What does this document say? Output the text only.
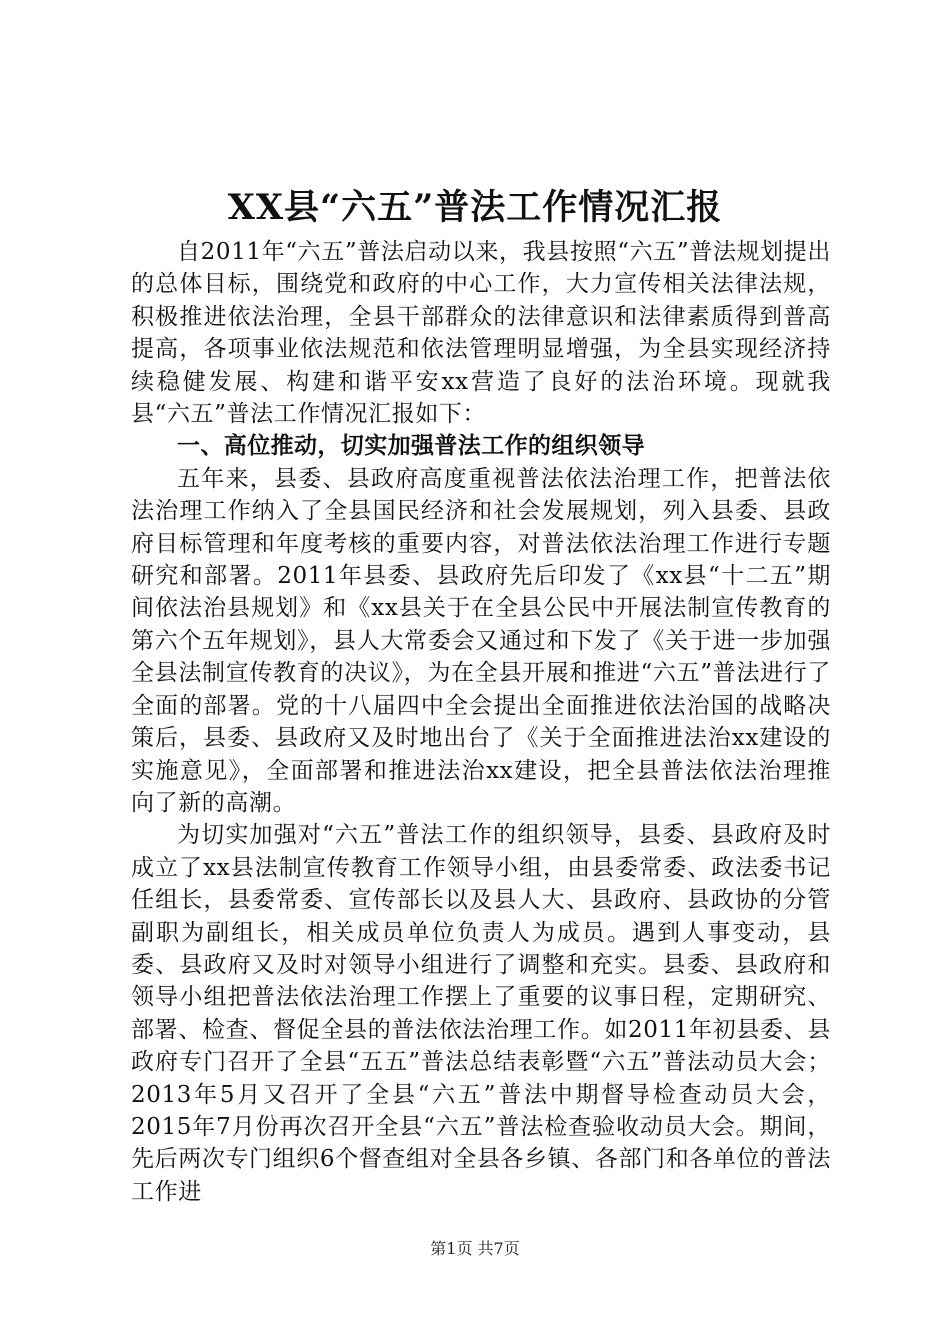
XX县“六五”普法工作情况汇报

自2011年“六五”普法启动以来，我县按照“六五”普法规划提出的总体目标，围绕党和政府的中心工作，大力宣传相关法律法规，积极推进依法治理，全县干部群众的法律意识和法律素质得到普高提高，各项事业依法规范和依法管理明显增强，为全县实现经济持续稳健发展、构建和谐平安xx营造了良好的法治环境。现就我县“六五”普法工作情况汇报如下：

一、高位推动，切实加强普法工作的组织领导

五年来，县委、县政府高度重视普法依法治理工作，把普法依法治理工作纳入了全县国民经济和社会发展规划，列入县委、县政府目标管理和年度考核的重要内容，对普法依法治理工作进行专题研究和部署。2011年县委、县政府先后印发了《xx县“十二五”期间依法治县规划》和《xx县关于在全县公民中开展法制宣传教育的第六个五年规划》，县人大常委会又通过和下发了《关于进一步加强全县法制宣传教育的决议》，为在全县开展和推进“六五”普法进行了全面的部署。党的十八届四中全会提出全面推进依法治国的战略决策后，县委、县政府又及时地出台了《关于全面推进法治xx建设的实施意见》，全面部署和推进法治xx建设，把全县普法依法治理推向了新的高潮。

为切实加强对“六五”普法工作的组织领导，县委、县政府及时成立了xx县法制宣传教育工作领导小组，由县委常委、政法委书记任组长，县委常委、宣传部长以及县人大、县政府、县政协的分管副职为副组长，相关成员单位负责人为成员。遇到人事变动，县委、县政府又及时对领导小组进行了调整和充实。县委、县政府和领导小组把普法依法治理工作摆上了重要的议事日程，定期研究、部署、检查、督促全县的普法依法治理工作。如2011年初县委、县政府专门召开了全县“五五”普法总结表彰暨“六五”普法动员大会；2013年5月又召开了全县“六五”普法中期督导检查动员大会，2015年7月份再次召开全县“六五”普法检查验收动员大会。期间，先后两次专门组织6个督查组对全县各乡镇、各部门和各单位的普法工作进

第1页 共7页
